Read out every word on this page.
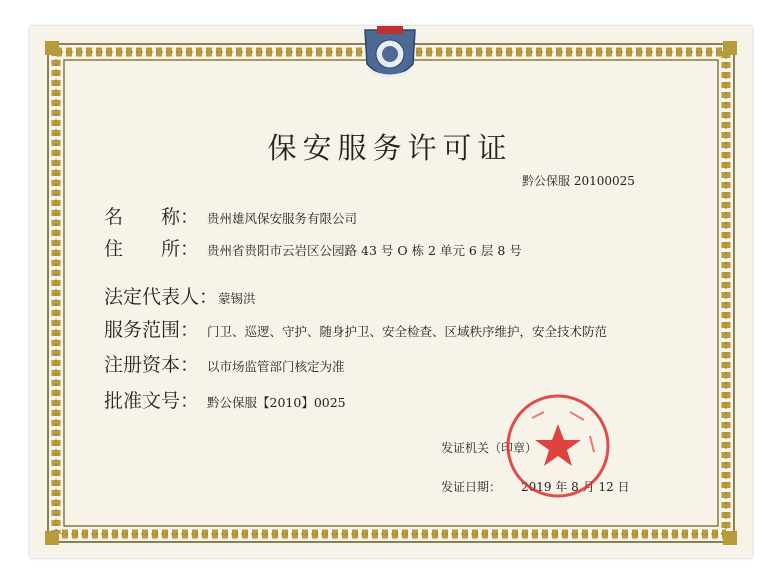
保安服务许可证
黔公保服 20100025
名　　称： 贵州雄风保安服务有限公司
住　　所： 贵州省贵阳市云岩区公园路 43 号 O 栋 2 单元 6 层 8 号
法定代表人： 蒙锡洪
服务范围： 门卫、巡逻、守护、随身护卫、安全检查、区域秩序维护，安全技术防范
注册资本： 以市场监管部门核定为准
批准文号： 黔公保服【2010】0025
发证机关（印章）
发证日期： 2019 年 8 月 12 日
